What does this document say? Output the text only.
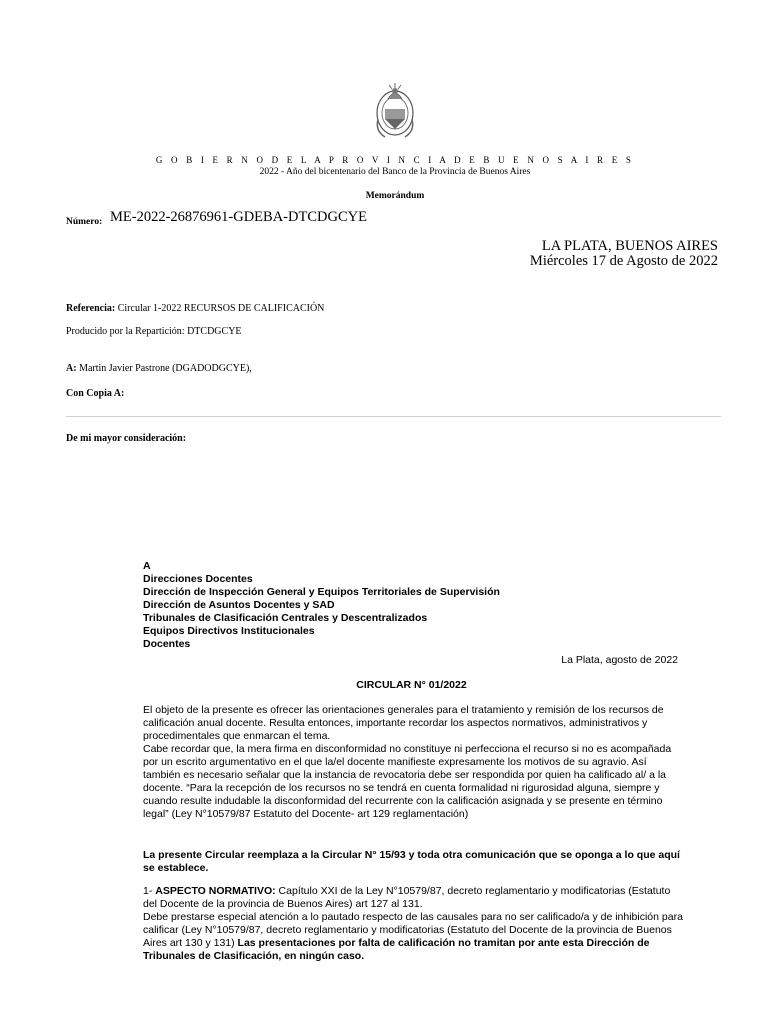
G O B I E R N O D E L A P R O V I N C I A D E B U E N O S A I R E S
2022 - Año del bicentenario del Banco de la Provincia de Buenos Aires
Memorándum
Número: ME-2022-26876961-GDEBA-DTCDGCYE
LA PLATA, BUENOS AIRES
Miércoles 17 de Agosto de 2022
Referencia: Circular 1-2022 RECURSOS DE CALIFICACIÓN
Producido por la Repartición: DTCDGCYE
A: Martin Javier Pastrone (DGADODGCYE),
Con Copia A:
De mi mayor consideración:
A
Direcciones Docentes
Dirección de Inspección General y Equipos Territoriales de Supervisión
Dirección de Asuntos Docentes y SAD
Tribunales de Clasificación Centrales y Descentralizados
Equipos Directivos Institucionales
Docentes
La Plata, agosto de 2022
CIRCULAR N° 01/2022

El objeto de la presente es ofrecer las orientaciones generales para el tratamiento y remisión de los recursos de calificación anual docente. Resulta entonces, importante recordar los aspectos normativos, administrativos y procedimentales que enmarcan el tema.

Cabe recordar que, la mera firma en disconformidad no constituye ni perfecciona el recurso si no es acompañada por un escrito argumentativo en el que la/el docente manifieste expresamente los motivos de su agravio. Así también es necesario señalar que la instancia de revocatoria debe ser respondida por quien ha calificado al/ a la docente. “Para la recepción de los recursos no se tendrá en cuenta formalidad ni rigurosidad alguna, siempre y cuando resulte indudable la disconformidad del recurrente con la calificación asignada y se presente en término legal” (Ley N°10579/87 Estatuto del Docente- art 129 reglamentación)

La presente Circular reemplaza a la Circular N° 15/93 y toda otra comunicación que se oponga a lo que aquí se establece.

1- ASPECTO NORMATIVO: Capítulo XXI de la Ley N°10579/87, decreto reglamentario y modificatorias (Estatuto del Docente de la provincia de Buenos Aires) art 127 al 131.

Debe prestarse especial atención a lo pautado respecto de las causales para no ser calificado/a y de inhibición para calificar (Ley N°10579/87, decreto reglamentario y modificatorias (Estatuto del Docente de la provincia de Buenos Aires art 130 y 131) Las presentaciones por falta de calificación no tramitan por ante esta Dirección de Tribunales de Clasificación, en ningún caso.
